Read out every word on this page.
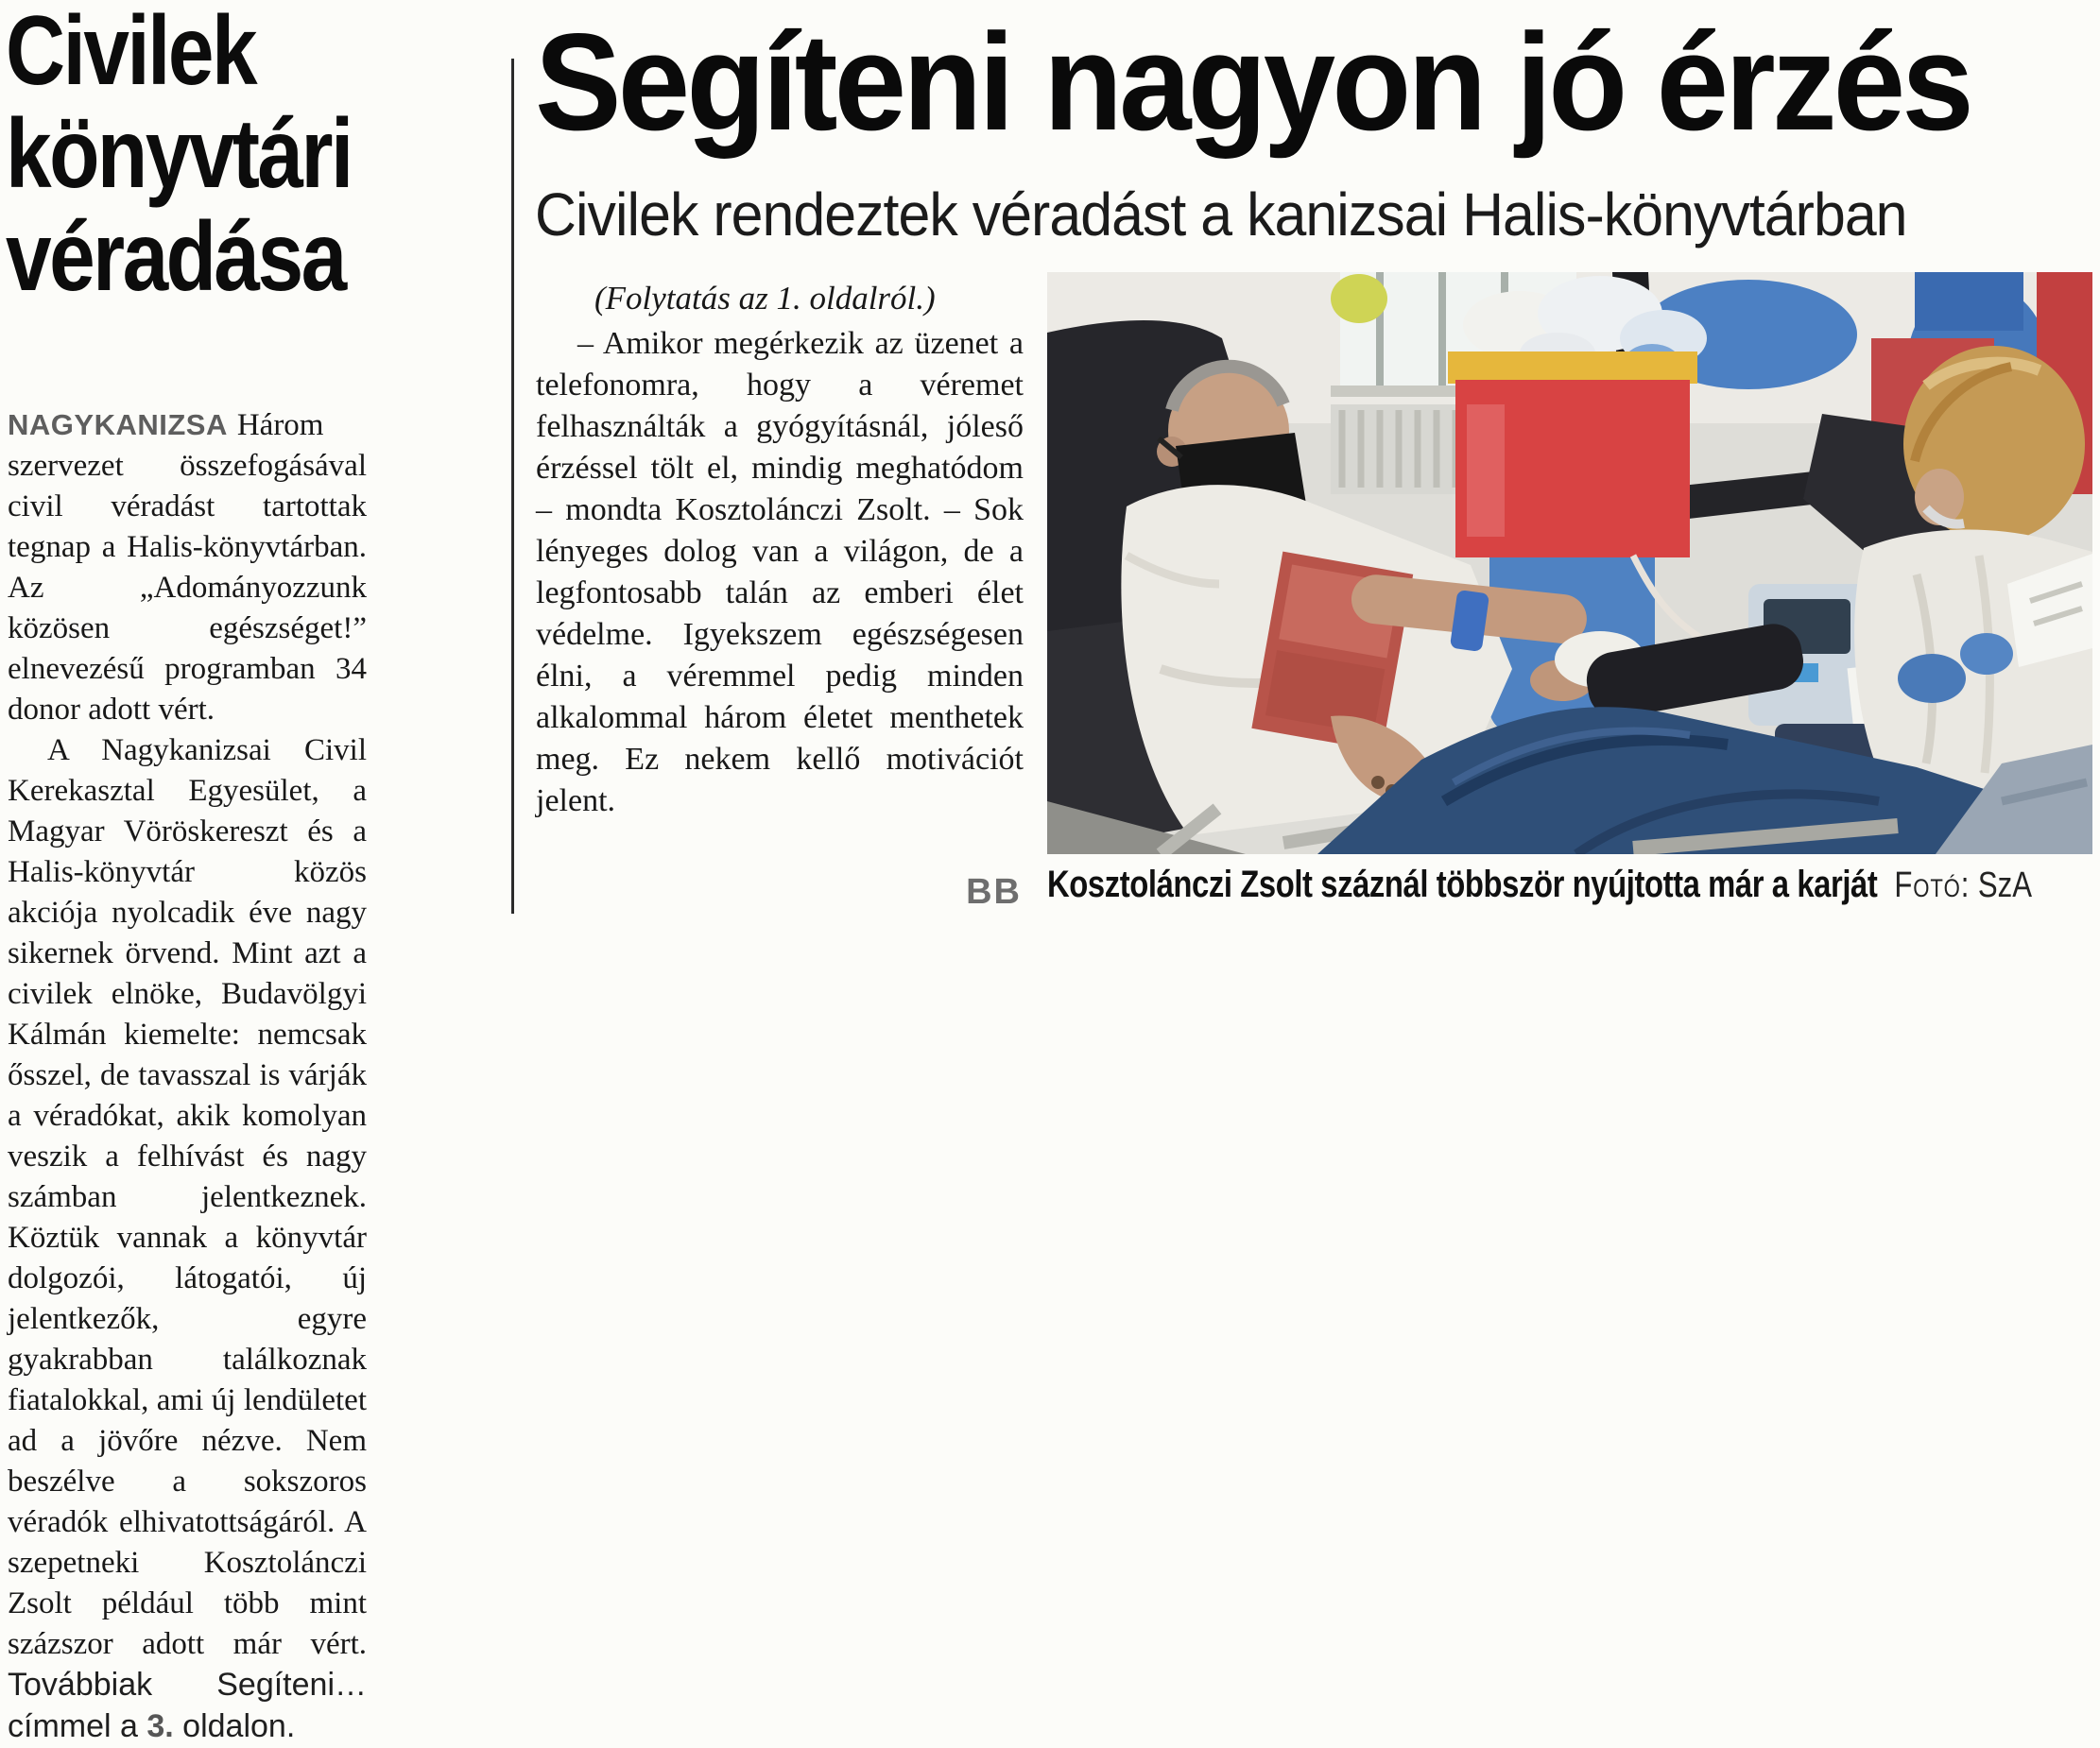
Civilek
könyvtári
véradása

NAGYKANIZSA Három szervezet összefogásával civil véradást tartottak tegnap a Halis-könyvtárban. Az „Adományozzunk közösen egészséget!” elnevezésű programban 34 donor adott vért.

A Nagykanizsai Civil Kerekasztal Egyesület, a Magyar Vöröskereszt és a Halis-könyvtár közös akciója nyolcadik éve nagy sikernek örvend. Mint azt a civilek elnöke, Budavölgyi Kálmán kiemelte: nemcsak ősszel, de tavasszal is várják a véradókat, akik komolyan veszik a felhívást és nagy számban jelentkeznek. Köztük vannak a könyvtár dolgozói, látogatói, új jelentkezők, egyre gyakrabban találkoznak fiatalokkal, ami új lendületet ad a jövőre nézve. Nem beszélve a sokszoros véradók elhivatottságáról. A szepetneki Kosztolánczi Zsolt például több mint százszor adott már vért. Továbbiak Segíteni… címmel a 3. oldalon.

Segíteni nagyon jó érzés
Civilek rendeztek véradást a kanizsai Halis-könyvtárban

(Folytatás az 1. oldalról.)

– Amikor megérkezik az üzenet a telefonomra, hogy a véremet felhasználták a gyógyításnál, jóleső érzéssel tölt el, mindig meghatódom – mondta Kosztolánczi Zsolt. – Sok lényeges dolog van a világon, de a legfontosabb talán az emberi élet védelme. Igyekszem egészségesen élni, a véremmel pedig minden alkalommal három életet menthetek meg. Ez nekem kellő motivációt jelent.

BB Kosztolánczi Zsolt száznál többször nyújtotta már a karját Fotó: SzA
